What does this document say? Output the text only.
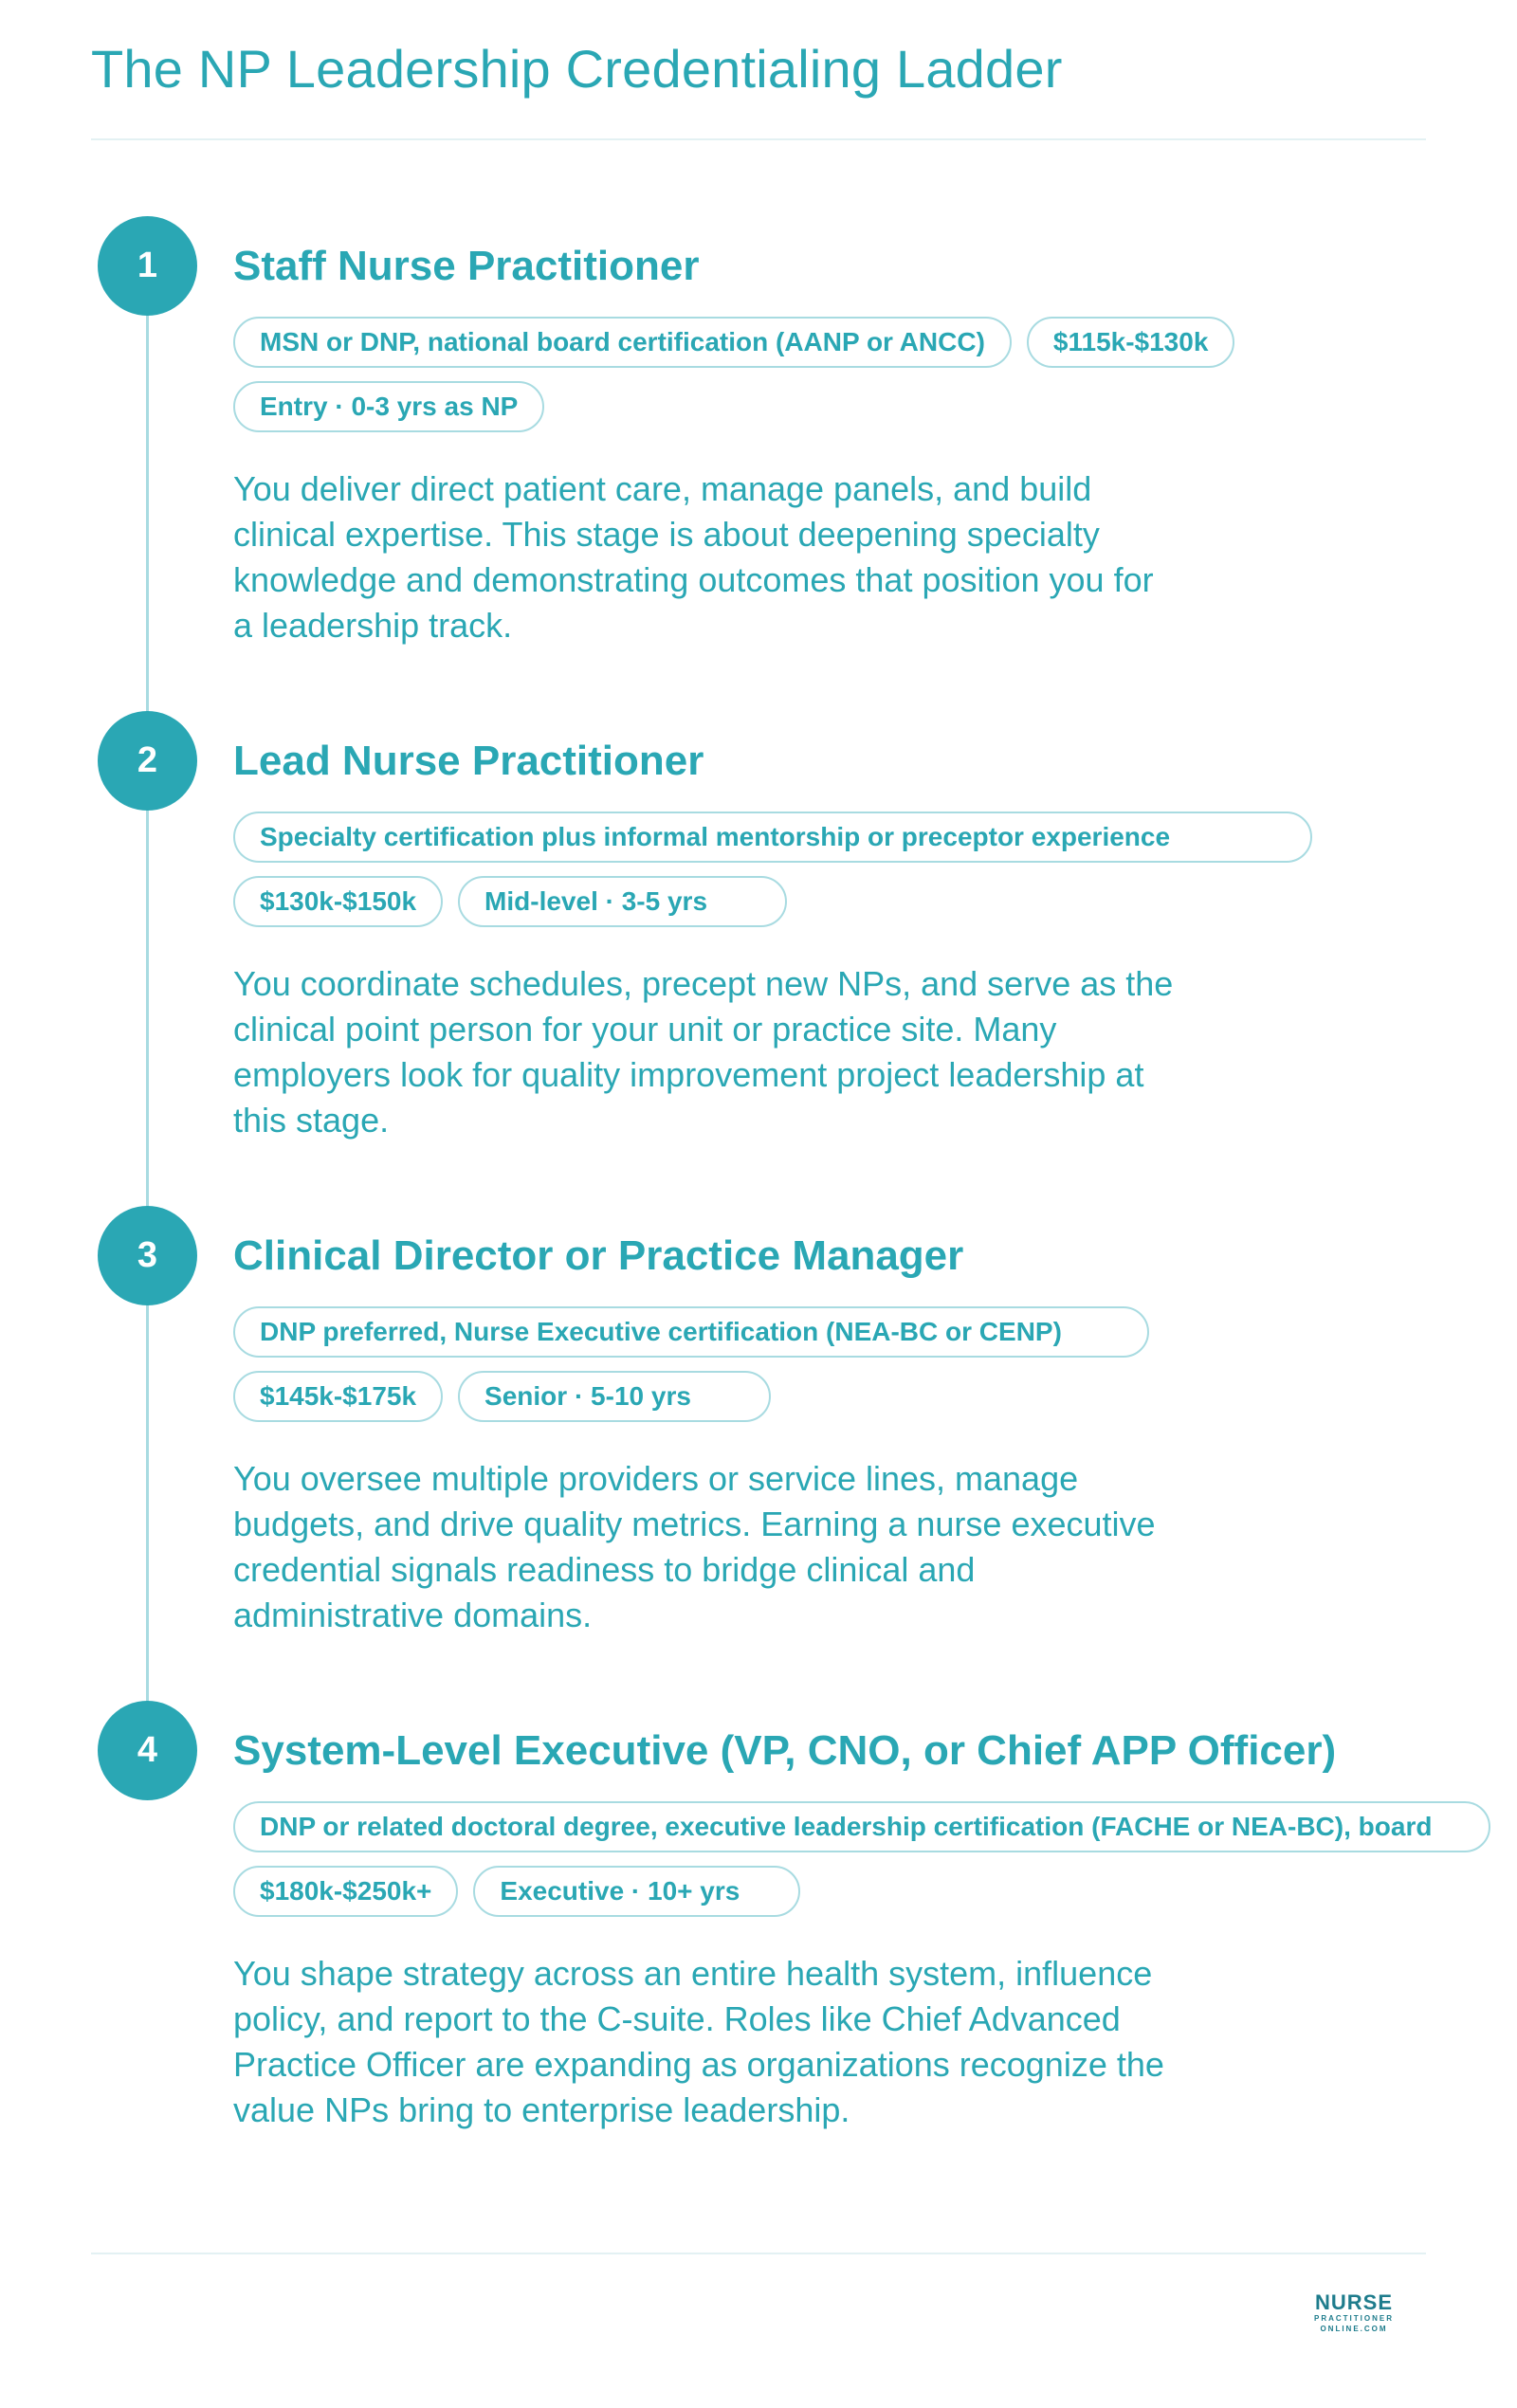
The NP Leadership Credentialing Ladder
1	Staff Nurse Practitioner
MSN or DNP, national board certification (AANP or ANCC)	$115k-$130k
Entry · 0-3 yrs as NP

You deliver direct patient care, manage panels, and build clinical expertise. This stage is about deepening specialty knowledge and demonstrating outcomes that position you for a leadership track.

2	Lead Nurse Practitioner
Specialty certification plus informal mentorship or preceptor experience
$130k-$150k	Mid-level · 3-5 yrs

You coordinate schedules, precept new NPs, and serve as the clinical point person for your unit or practice site. Many employers look for quality improvement project leadership at this stage.

3	Clinical Director or Practice Manager
DNP preferred, Nurse Executive certification (NEA-BC or CENP)
$145k-$175k	Senior · 5-10 yrs

You oversee multiple providers or service lines, manage budgets, and drive quality metrics. Earning a nurse executive credential signals readiness to bridge clinical and administrative domains.

4	System-Level Executive (VP, CNO, or Chief APP Officer)
DNP or related doctoral degree, executive leadership certification (FACHE or NEA-BC), board
$180k-$250k+	Executive · 10+ yrs

You shape strategy across an entire health system, influence policy, and report to the C-suite. Roles like Chief Advanced Practice Officer are expanding as organizations recognize the value NPs bring to enterprise leadership.

NURSE
PRACTITIONER
ONLINE.COM
